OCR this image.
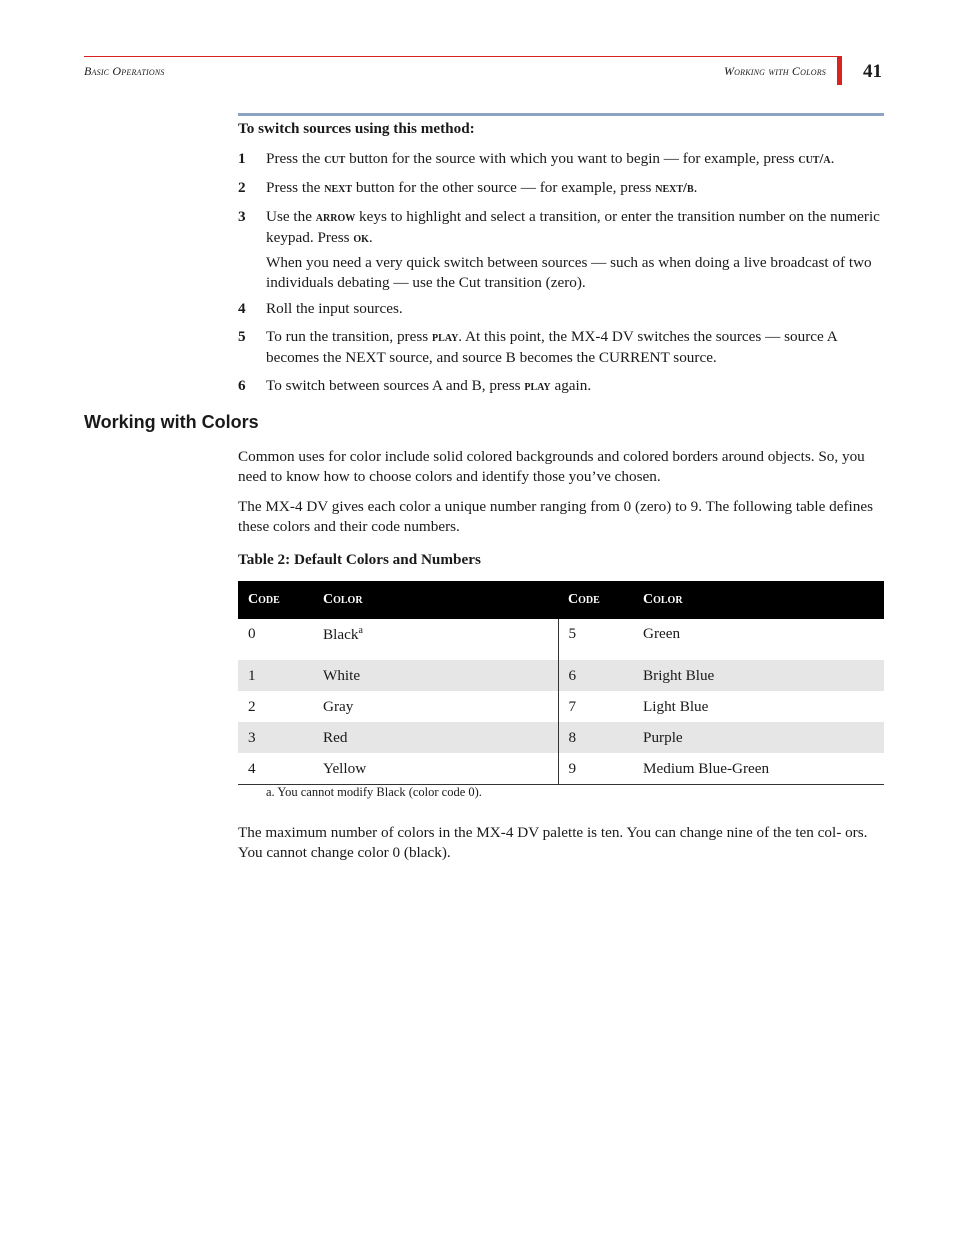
Basic Operations	Working with Colors 41
To switch sources using this method:
1 Press the cut button for the source with which you want to begin — for example, press cut/a.
2 Press the next button for the other source — for example, press next/b.
3 Use the arrow keys to highlight and select a transition, or enter the transition number on the numeric keypad. Press ok.
When you need a very quick switch between sources — such as when doing a live broadcast of two individuals debating — use the Cut transition (zero).
4 Roll the input sources.
5 To run the transition, press play. At this point, the MX-4 DV switches the sources — source A becomes the NEXT source, and source B becomes the CURRENT source.
6 To switch between sources A and B, press play again.
Working with Colors
Common uses for color include solid colored backgrounds and colored borders around objects. So, you need to know how to choose colors and identify those you’ve chosen.
The MX-4 DV gives each color a unique number ranging from 0 (zero) to 9. The following table defines these colors and their code numbers.
Table 2: Default Colors and Numbers
Code	Color	Code	Color
0	Black$^a$	5	Green
1	White	6	Bright Blue
2	Gray	7	Light Blue
3	Red	8	Purple
4	Yellow	9	Medium Blue-Green
a. You cannot modify Black (color code 0).
The maximum number of colors in the MX-4 DV palette is ten. You can change nine of the ten col- ors. You cannot change color 0 (black).
